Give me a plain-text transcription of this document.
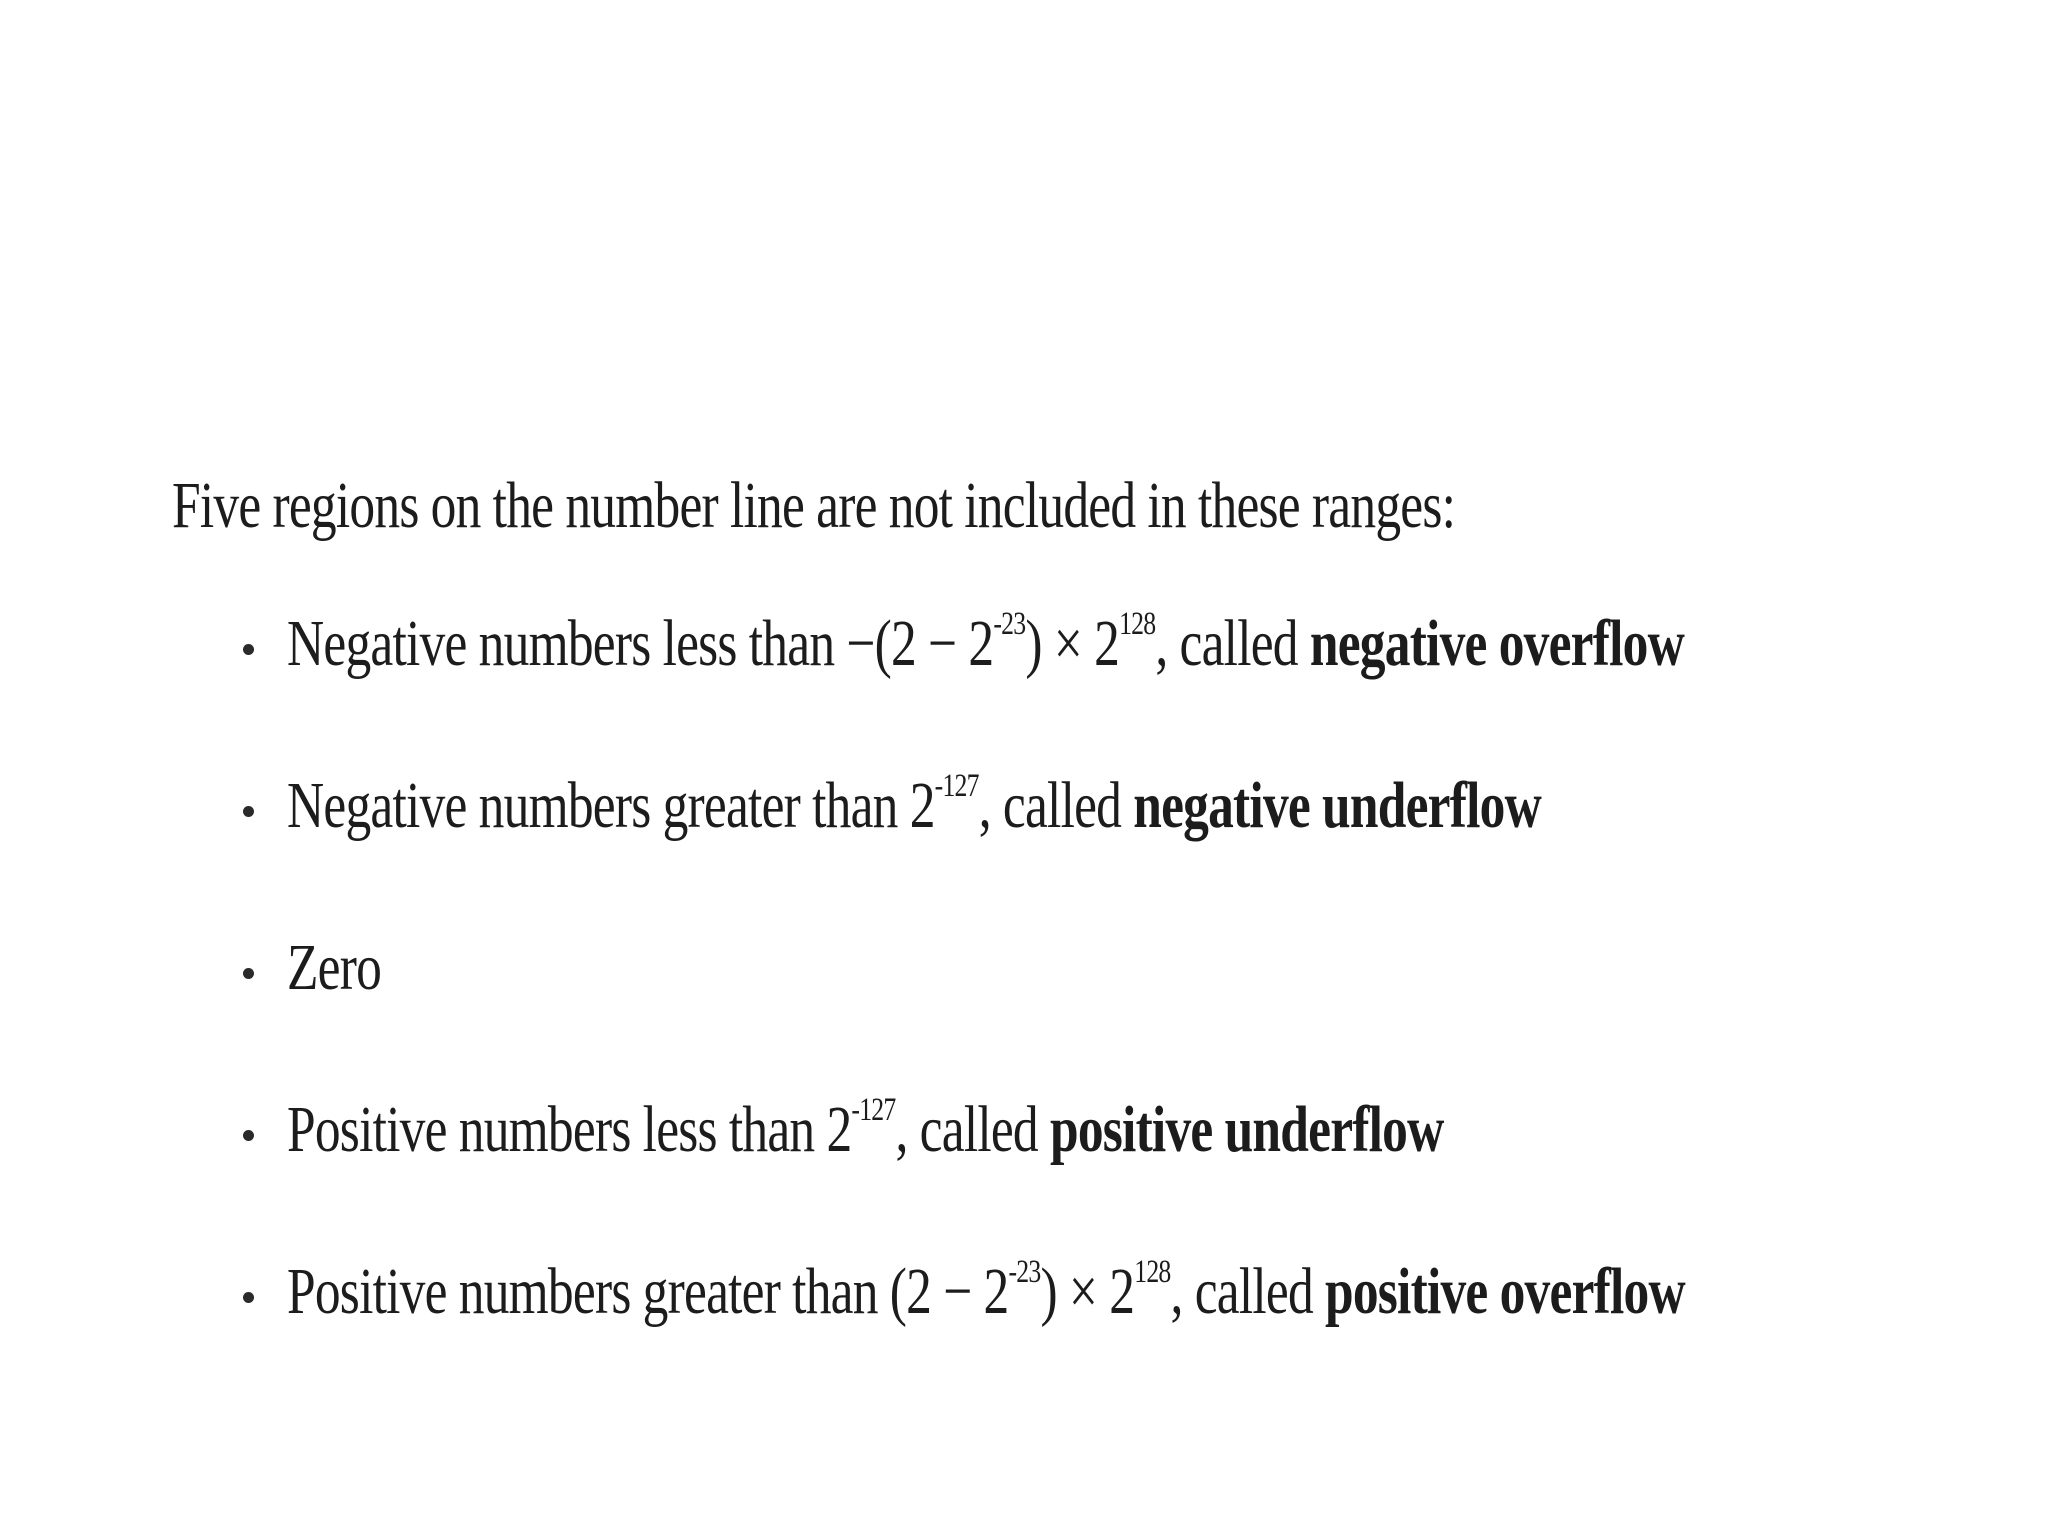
Five regions on the number line are not included in these ranges:

Negative numbers less than $-(2 - 2^{-23}) \times 2^{128}$, called negative overflow
Negative numbers greater than $2^{-127}$, called negative underflow
Zero
Positive numbers less than $2^{-127}$, called positive underflow
Positive numbers greater than $(2 - 2^{-23}) \times 2^{128}$, called positive overflow
